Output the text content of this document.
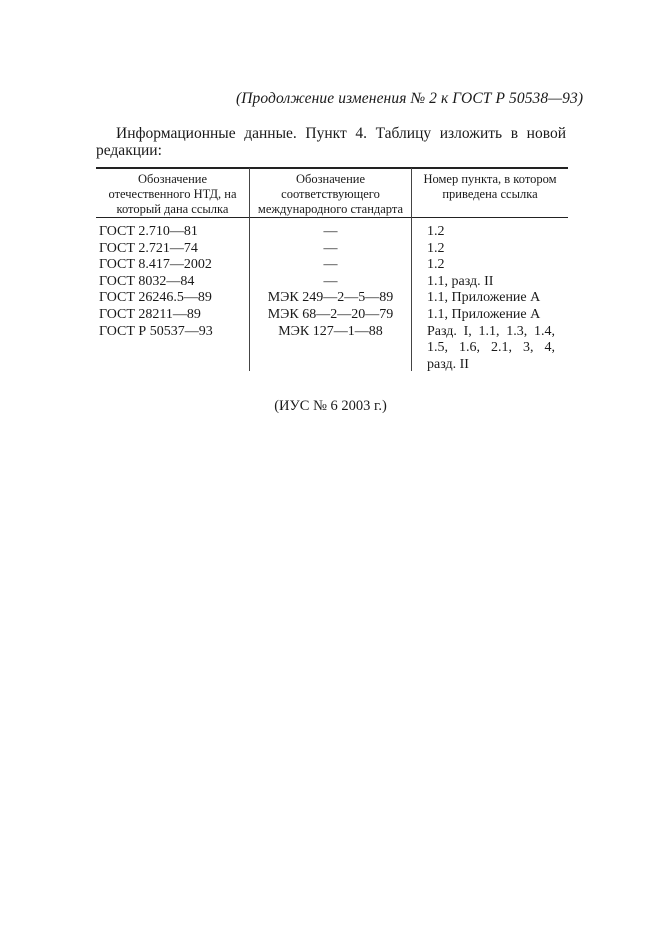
(Продолжение изменения № 2 к ГОСТ Р 50538—93)
Информационные данные. Пункт 4. Таблицу изложить в новой редакции:
Обозначение отечественного НТД, на который дана ссылка
Обозначение соответствующего международного стандарта
Номер пункта, в котором приведена ссылка
ГОСТ 2.710—81
ГОСТ 2.721—74
ГОСТ 8.417—2002
ГОСТ 8032—84
ГОСТ 26246.5—89
ГОСТ 28211—89
ГОСТ Р 50537—93
—
—
—
—
МЭК 249—2—5—89
МЭК 68—2—20—79
МЭК 127—1—88
1.2
1.2
1.2
1.1, разд. II
1.1, Приложение А
1.1, Приложение А
Разд. I, 1.1, 1.3, 1.4, 1.5, 1.6, 2.1, 3, 4, разд. II
(ИУС № 6 2003 г.)
